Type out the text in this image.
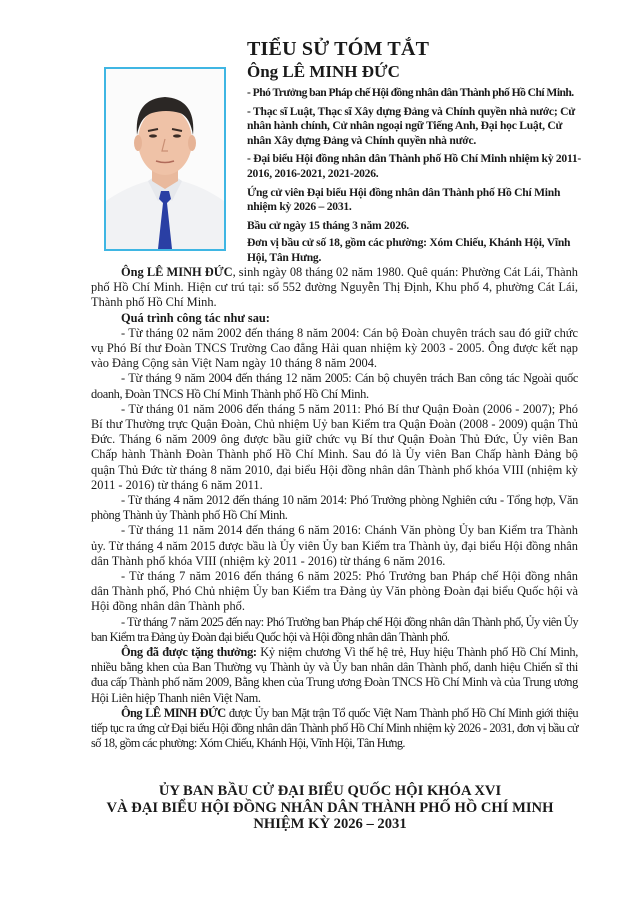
TIỂU SỬ TÓM TẮT
Ông LÊ MINH ĐỨC
- Phó Trưởng ban Pháp chế Hội đồng nhân dân Thành phố Hồ Chí Minh.
- Thạc sĩ Luật, Thạc sĩ Xây dựng Đảng và Chính quyền nhà nước; Cử nhân hành chính, Cử nhân ngoại ngữ Tiếng Anh, Đại học Luật, Cử nhân Xây dựng Đảng và Chính quyền nhà nước.
- Đại biểu Hội đồng nhân dân Thành phố Hồ Chí Minh nhiệm kỳ 2011-2016, 2016-2021, 2021-2026.
Ứng cử viên Đại biểu Hội đồng nhân dân Thành phố Hồ Chí Minh nhiệm kỳ 2026 – 2031.
Bầu cử ngày 15 tháng 3 năm 2026.
Đơn vị bầu cử số 18, gồm các phường: Xóm Chiếu, Khánh Hội, Vĩnh Hội, Tân Hưng.

Ông LÊ MINH ĐỨC, sinh ngày 08 tháng 02 năm 1980. Quê quán: Phường Cát Lái, Thành phố Hồ Chí Minh. Hiện cư trú tại: số 552 đường Nguyễn Thị Định, Khu phố 4, phường Cát Lái, Thành phố Hồ Chí Minh.

Quá trình công tác như sau:

- Từ tháng 02 năm 2002 đến tháng 8 năm 2004: Cán bộ Đoàn chuyên trách sau đó giữ chức vụ Phó Bí thư Đoàn TNCS Trường Cao đẳng Hải quan nhiệm kỳ 2003 - 2005. Ông được kết nạp vào Đảng Cộng sản Việt Nam ngày 10 tháng 8 năm 2004.

- Từ tháng 9 năm 2004 đến tháng 12 năm 2005: Cán bộ chuyên trách Ban công tác Ngoài quốc doanh, Đoàn TNCS Hồ Chí Minh Thành phố Hồ Chí Minh.

- Từ tháng 01 năm 2006 đến tháng 5 năm 2011: Phó Bí thư Quận Đoàn (2006 - 2007); Phó Bí thư Thường trực Quận Đoàn, Chủ nhiệm Uỷ ban Kiểm tra Quận Đoàn (2008 - 2009) quận Thủ Đức. Tháng 6 năm 2009 ông được bầu giữ chức vụ Bí thư Quận Đoàn Thủ Đức, Ủy viên Ban Chấp hành Thành Đoàn Thành phố Hồ Chí Minh. Sau đó là Ủy viên Ban Chấp hành Đảng bộ quận Thủ Đức từ tháng 8 năm 2010, đại biểu Hội đồng nhân dân Thành phố khóa VIII (nhiệm kỳ 2011 - 2016) từ tháng 6 năm 2011.

- Từ tháng 4 năm 2012 đến tháng 10 năm 2014: Phó Trưởng phòng Nghiên cứu - Tổng hợp, Văn phòng Thành ủy Thành phố Hồ Chí Minh.

- Từ tháng 11 năm 2014 đến tháng 6 năm 2016: Chánh Văn phòng Ủy ban Kiểm tra Thành ủy. Từ tháng 4 năm 2015 được bầu là Ủy viên Ủy ban Kiểm tra Thành ủy, đại biểu Hội đồng nhân dân Thành phố khóa VIII (nhiệm kỳ 2011 - 2016) từ tháng 6 năm 2016.

- Từ tháng 7 năm 2016 đến tháng 6 năm 2025: Phó Trưởng ban Pháp chế Hội đồng nhân dân Thành phố, Phó Chủ nhiệm Ủy ban Kiểm tra Đảng ủy Văn phòng Đoàn đại biểu Quốc hội và Hội đồng nhân dân Thành phố.

- Từ tháng 7 năm 2025 đến nay: Phó Trưởng ban Pháp chế Hội đồng nhân dân Thành phố, Ủy viên Ủy ban Kiểm tra Đảng ủy Đoàn đại biểu Quốc hội và Hội đồng nhân dân Thành phố.

Ông đã được tặng thưởng: Kỷ niệm chương Vì thế hệ trẻ, Huy hiệu Thành phố Hồ Chí Minh, nhiều bằng khen của Ban Thường vụ Thành ủy và Ủy ban nhân dân Thành phố, danh hiệu Chiến sĩ thi đua cấp Thành phố năm 2009, Bằng khen của Trung ương Đoàn TNCS Hồ Chí Minh và của Trung ương Hội Liên hiệp Thanh niên Việt Nam.

Ông LÊ MINH ĐỨC được Ủy ban Mặt trận Tổ quốc Việt Nam Thành phố Hồ Chí Minh giới thiệu tiếp tục ra ứng cử Đại biểu Hội đồng nhân dân Thành phố Hồ Chí Minh nhiệm kỳ 2026 - 2031, đơn vị bầu cử số 18, gồm các phường: Xóm Chiếu, Khánh Hội, Vĩnh Hội, Tân Hưng.

ỦY BAN BẦU CỬ ĐẠI BIỂU QUỐC HỘI KHÓA XVI
VÀ ĐẠI BIỂU HỘI ĐỒNG NHÂN DÂN THÀNH PHỐ HỒ CHÍ MINH
NHIỆM KỲ 2026 – 2031
